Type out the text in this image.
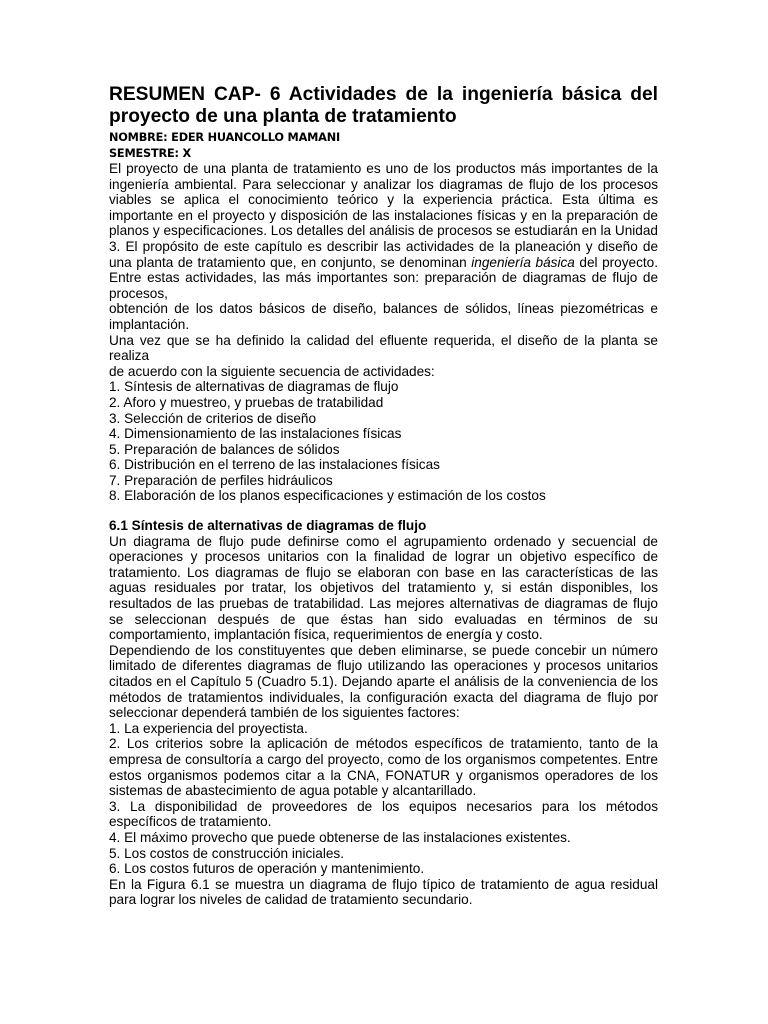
RESUMEN CAP- 6 Actividades de la ingeniería básica del proyecto de una planta de tratamiento

NOMBRE: EDER HUANCOLLO MAMANI

SEMESTRE: X

El proyecto de una planta de tratamiento es uno de los productos más importantes de la ingeniería ambiental. Para seleccionar y analizar los diagramas de flujo de los procesos viables se aplica el conocimiento teórico y la experiencia práctica. Esta última es importante en el proyecto y disposición de las instalaciones físicas y en la preparación de planos y especificaciones. Los detalles del análisis de procesos se estudiarán en la Unidad 3. El propósito de este capítulo es describir las actividades de la planeación y diseño de una planta de tratamiento que, en conjunto, se denominan ingeniería básica del proyecto. Entre estas actividades, las más importantes son: preparación de diagramas de flujo de procesos,

obtención de los datos básicos de diseño, balances de sólidos, líneas piezométricas e implantación.

Una vez que se ha definido la calidad del efluente requerida, el diseño de la planta se realiza

de acuerdo con la siguiente secuencia de actividades:

1. Síntesis de alternativas de diagramas de flujo

2. Aforo y muestreo, y pruebas de tratabilidad

3. Selección de criterios de diseño

4. Dimensionamiento de las instalaciones físicas

5. Preparación de balances de sólidos

6. Distribución en el terreno de las instalaciones físicas

7. Preparación de perfiles hidráulicos

8. Elaboración de los planos especificaciones y estimación de los costos

6.1 Síntesis de alternativas de diagramas de flujo

Un diagrama de flujo pude definirse como el agrupamiento ordenado y secuencial de operaciones y procesos unitarios con la finalidad de lograr un objetivo específico de tratamiento. Los diagramas de flujo se elaboran con base en las características de las aguas residuales por tratar, los objetivos del tratamiento y, si están disponibles, los resultados de las pruebas de tratabilidad. Las mejores alternativas de diagramas de flujo se seleccionan después de que éstas han sido evaluadas en términos de su comportamiento, implantación física, requerimientos de energía y costo.

Dependiendo de los constituyentes que deben eliminarse, se puede concebir un número limitado de diferentes diagramas de flujo utilizando las operaciones y procesos unitarios citados en el Capítulo 5 (Cuadro 5.1). Dejando aparte el análisis de la conveniencia de los métodos de tratamientos individuales, la configuración exacta del diagrama de flujo por seleccionar dependerá también de los siguientes factores:

1. La experiencia del proyectista.

2. Los criterios sobre la aplicación de métodos específicos de tratamiento, tanto de la empresa de consultoría a cargo del proyecto, como de los organismos competentes. Entre estos organismos podemos citar a la CNA, FONATUR y organismos operadores de los sistemas de abastecimiento de agua potable y alcantarillado.

3. La disponibilidad de proveedores de los equipos necesarios para los métodos específicos de tratamiento.

4. El máximo provecho que puede obtenerse de las instalaciones existentes.

5. Los costos de construcción iniciales.

6. Los costos futuros de operación y mantenimiento.

En la Figura 6.1 se muestra un diagrama de flujo típico de tratamiento de agua residual para lograr los niveles de calidad de tratamiento secundario.
